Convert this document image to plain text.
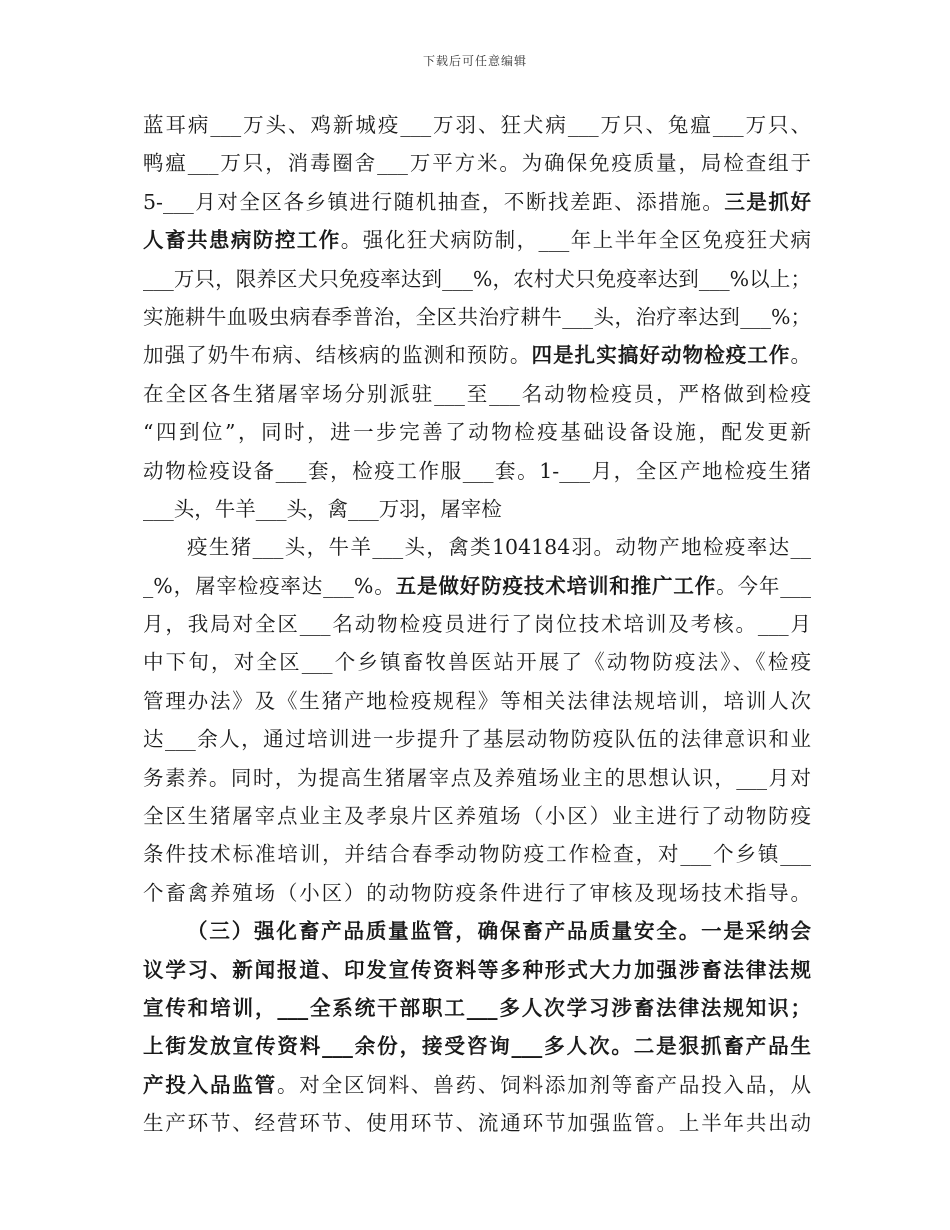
下载后可任意编辑
蓝耳病___万头、鸡新城疫___万羽、狂犬病___万只、兔瘟___万只、
鸭瘟___万只，消毒圈舍___万平方米。为确保免疫质量，局检查组于
5-___月对全区各乡镇进行随机抽查，不断找差距、添措施。三是抓好
人畜共患病防控工作。强化狂犬病防制，___年上半年全区免疫狂犬病
___万只，限养区犬只免疫率达到___%，农村犬只免疫率达到___%以上；
实施耕牛血吸虫病春季普治，全区共治疗耕牛___头，治疗率达到___%；
加强了奶牛布病、结核病的监测和预防。四是扎实搞好动物检疫工作。
在全区各生猪屠宰场分别派驻___至___名动物检疫员，严格做到检疫
“四到位”，同时，进一步完善了动物检疫基础设备设施，配发更新
动物检疫设备___套，检疫工作服___套。1-___月，全区产地检疫生猪
___头，牛羊___头，禽___万羽，屠宰检
疫生猪___头，牛羊___头，禽类104184羽。动物产地检疫率达__
_%，屠宰检疫率达___%。五是做好防疫技术培训和推广工作。今年___
月，我局对全区___名动物检疫员进行了岗位技术培训及考核。___月
中下旬，对全区___个乡镇畜牧兽医站开展了《动物防疫法》、《检疫
管理办法》及《生猪产地检疫规程》等相关法律法规培训，培训人次
达___余人，通过培训进一步提升了基层动物防疫队伍的法律意识和业
务素养。同时，为提高生猪屠宰点及养殖场业主的思想认识，___月对
全区生猪屠宰点业主及孝泉片区养殖场（小区）业主进行了动物防疫
条件技术标准培训，并结合春季动物防疫工作检查，对___个乡镇___
个畜禽养殖场（小区）的动物防疫条件进行了审核及现场技术指导。
（三）强化畜产品质量监管，确保畜产品质量安全。一是采纳会
议学习、新闻报道、印发宣传资料等多种形式大力加强涉畜法律法规
宣传和培训，___全系统干部职工___多人次学习涉畜法律法规知识；
上街发放宣传资料___余份，接受咨询___多人次。二是狠抓畜产品生
产投入品监管。对全区饲料、兽药、饲料添加剂等畜产品投入品，从
生产环节、经营环节、使用环节、流通环节加强监管。上半年共出动
